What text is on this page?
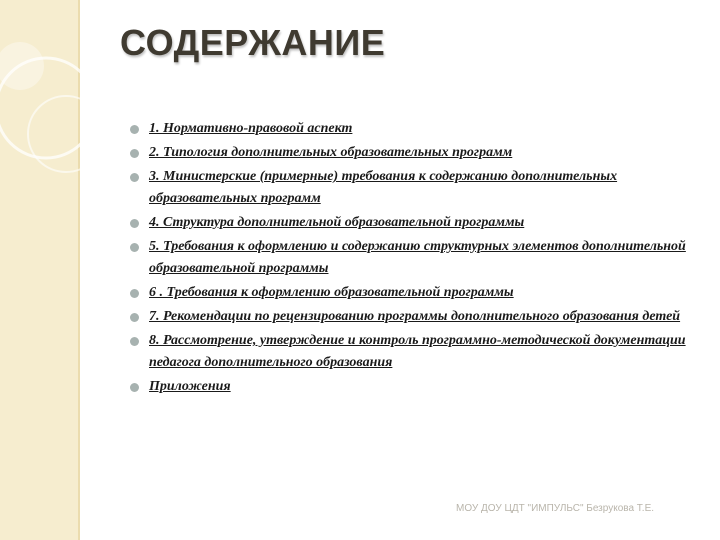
СОДЕРЖАНИЕ
1. Нормативно-правовой аспект
2. Типология дополнительных образовательных программ
3. Министерские (примерные) требования к содержанию дополнительных образовательных программ
4. Структура дополнительной образовательной программы
5. Требования к оформлению и содержанию структурных элементов дополнительной образовательной программы
6 . Требования к оформлению образовательной программы
7. Рекомендации по рецензированию программы дополнительного образования детей
8. Рассмотрение, утверждение и контроль программно-методической документации педагога дополнительного образования
Приложения
МОУ ДОУ ЦДТ "ИМПУЛЬС" Безрукова Т.Е.
